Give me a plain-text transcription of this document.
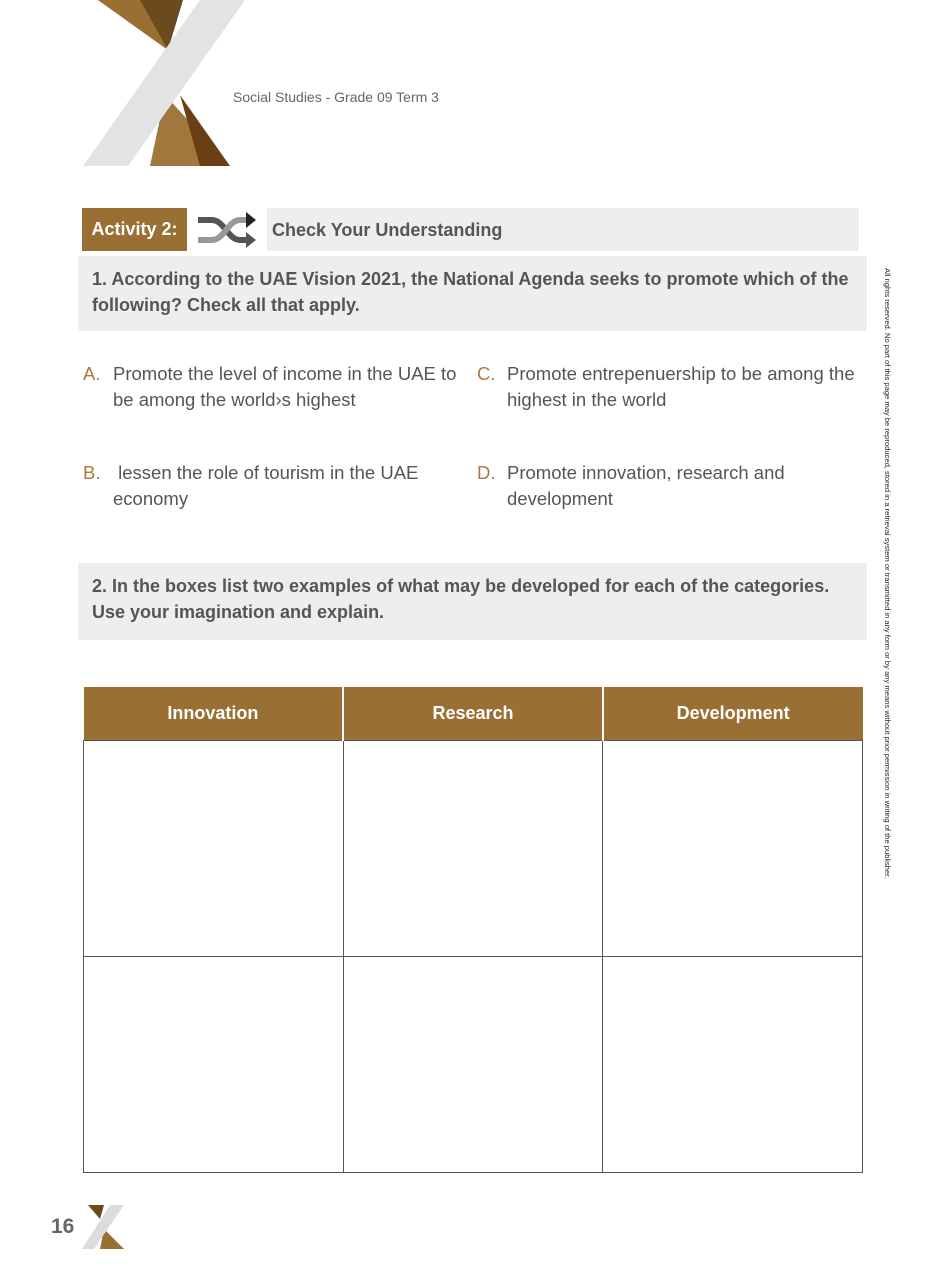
Social Studies - Grade 09 Term 3
Activity 2:	Check Your Understanding
1. According to the UAE Vision 2021, the National Agenda seeks to promote which of the following? Check all that apply.
A. Promote the level of income in the UAE to be among the world›s highest
C. Promote entrepenuership to be among the highest in the world
B. lessen the role of tourism in the UAE economy
D. Promote innovation, research and development
2. In the boxes list two examples of what may be developed for each of the categories. Use your imagination and explain.
Innovation	Research	Development

			All rights reserved. No part of this page may be reproduced, stored in a retrieval system or transmitted in any form or by any means without prior permission in writing of the publisher.
16
